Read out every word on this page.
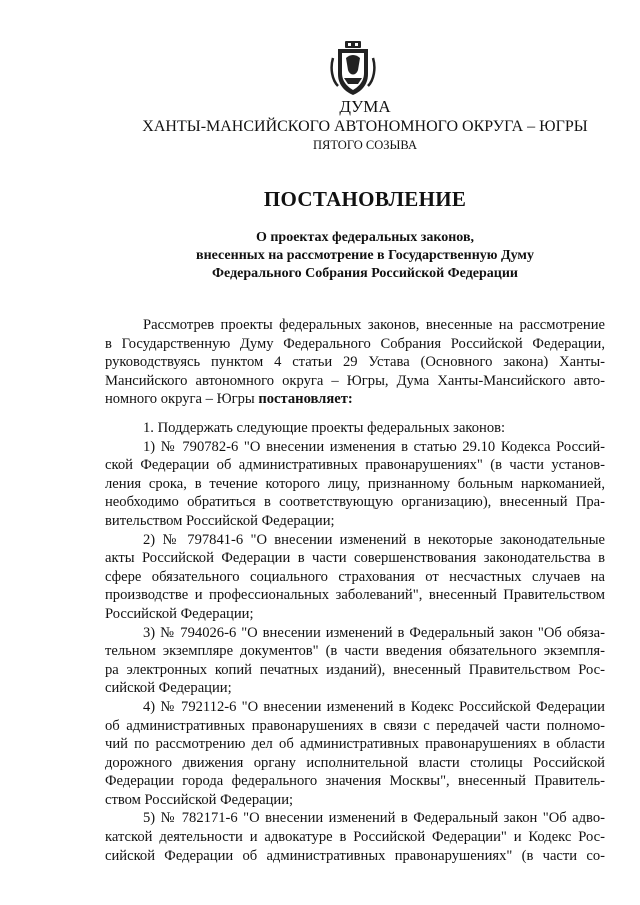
ДУМА
ХАНТЫ-МАНСИЙСКОГО АВТОНОМНОГО ОКРУГА – ЮГРЫ
ПЯТОГО СОЗЫВА
ПОСТАНОВЛЕНИЕ
О проектах федеральных законов,
внесенных на рассмотрение в Государственную Думу
Федерального Собрания Российской Федерации
Рассмотрев проекты федеральных законов, внесенные на рассмотрение
в Государственную Думу Федерального Собрания Российской Федерации,
руководствуясь пунктом 4 статьи 29 Устава (Основного закона) Ханты-
Мансийского автономного округа – Югры, Дума Ханты-Мансийского авто-
номного округа – Югры постановляет:
1. Поддержать следующие проекты федеральных законов:
1) № 790782-6 "О внесении изменения в статью 29.10 Кодекса Россий-
ской Федерации об административных правонарушениях" (в части установ-
ления срока, в течение которого лицу, признанному больным наркоманией,
необходимо обратиться в соответствующую организацию), внесенный Пра-
вительством Российской Федерации;
2) № 797841-6 "О внесении изменений в некоторые законодательные
акты Российской Федерации в части совершенствования законодательства в
сфере обязательного социального страхования от несчастных случаев на
производстве и профессиональных заболеваний", внесенный Правительством
Российской Федерации;
3) № 794026-6 "О внесении изменений в Федеральный закон "Об обяза-
тельном экземпляре документов" (в части введения обязательного экземпля-
ра электронных копий печатных изданий), внесенный Правительством Рос-
сийской Федерации;
4) № 792112-6 "О внесении изменений в Кодекс Российской Федерации
об административных правонарушениях в связи с передачей части полномо-
чий по рассмотрению дел об административных правонарушениях в области
дорожного движения органу исполнительной власти столицы Российской
Федерации города федерального значения Москвы", внесенный Правитель-
ством Российской Федерации;
5) № 782171-6 "О внесении изменений в Федеральный закон "Об адво-
катской деятельности и адвокатуре в Российской Федерации" и Кодекс Рос-
сийской Федерации об административных правонарушениях" (в части со-
